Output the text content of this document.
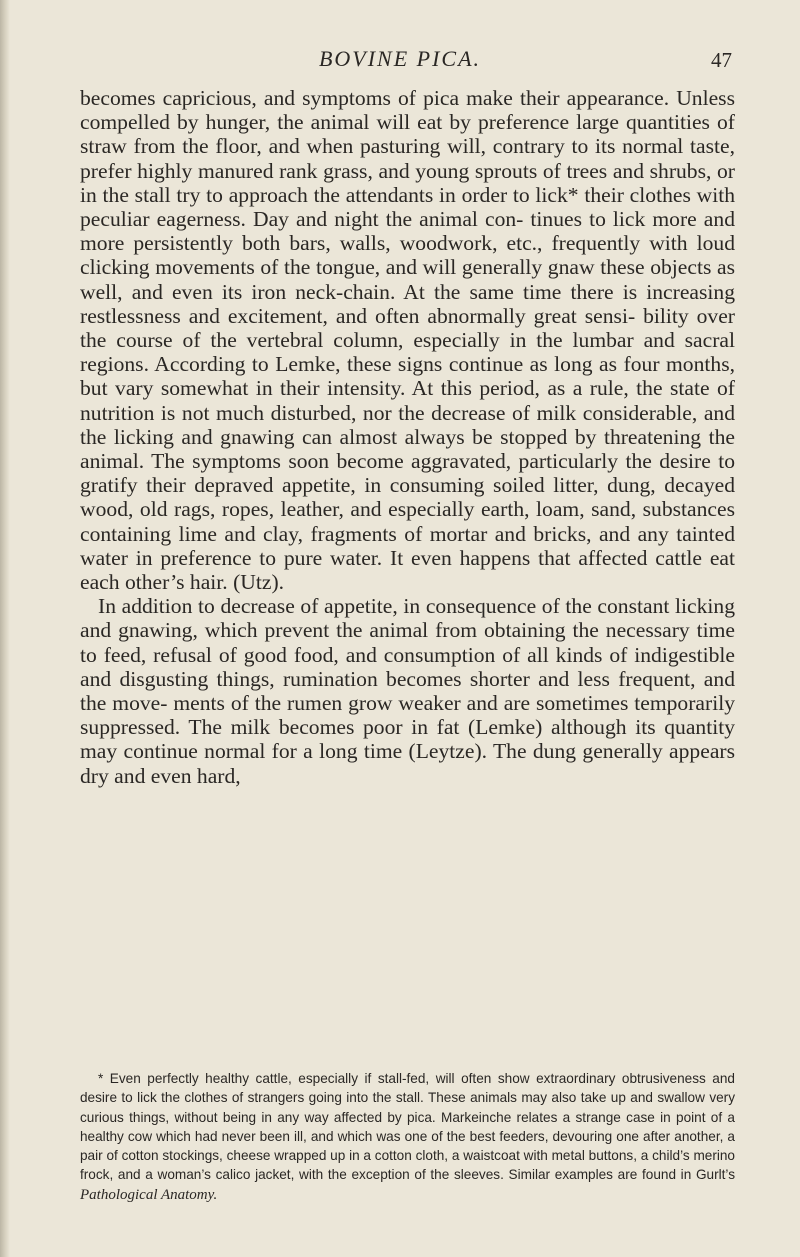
BOVINE PICA.	47

becomes capricious, and symptoms of pica make their appearance. Unless compelled by hunger, the animal will eat by preference large quantities of straw from the floor, and when pasturing will, contrary to its normal taste, prefer highly manured rank grass, and young sprouts of trees and shrubs, or in the stall try to approach the attendants in order to lick* their clothes with peculiar eagerness. Day and night the animal con- tinues to lick more and more persistently both bars, walls, woodwork, etc., frequently with loud clicking movements of the tongue, and will generally gnaw these objects as well, and even its iron neck-chain. At the same time there is increasing restlessness and excitement, and often abnormally great sensi- bility over the course of the vertebral column, especially in the lumbar and sacral regions. According to Lemke, these signs continue as long as four months, but vary somewhat in their intensity. At this period, as a rule, the state of nutrition is not much disturbed, nor the decrease of milk considerable, and the licking and gnawing can almost always be stopped by threatening the animal. The symptoms soon become aggravated, particularly the desire to gratify their depraved appetite, in consuming soiled litter, dung, decayed wood, old rags, ropes, leather, and especially earth, loam, sand, substances containing lime and clay, fragments of mortar and bricks, and any tainted water in preference to pure water. It even happens that affected cattle eat each other’s hair. (Utz).
In addition to decrease of appetite, in consequence of the constant licking and gnawing, which prevent the animal from obtaining the necessary time to feed, refusal of good food, and consumption of all kinds of indigestible and disgusting things, rumination becomes shorter and less frequent, and the move- ments of the rumen grow weaker and are sometimes temporarily suppressed. The milk becomes poor in fat (Lemke) although its quantity may continue normal for a long time (Leytze). The dung generally appears dry and even hard,

* Even perfectly healthy cattle, especially if stall-fed, will often show extraordinary obtrusiveness and desire to lick the clothes of strangers going into the stall. These animals may also take up and swallow very curious things, without being in any way affected by pica. Markeinche relates a strange case in point of a healthy cow which had never been ill, and which was one of the best feeders, devouring one after another, a pair of cotton stockings, cheese wrapped up in a cotton cloth, a waistcoat with metal buttons, a child’s merino frock, and a woman’s calico jacket, with the exception of the sleeves. Similar examples are found in Gurlt’s Pathological Anatomy.
